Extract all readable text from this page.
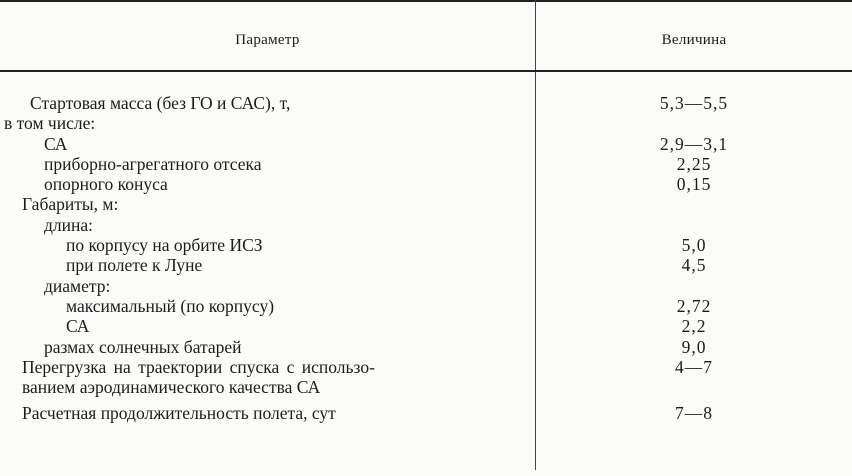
Параметр	Величина
Стартовая масса (без ГО и САС), т,	5,3—5,5
в том числе:
СА	2,9—3,1
приборно-агрегатного отсека	2,25
опорного конуса	0,15
Габариты, м:
длина:
по корпусу на орбите ИСЗ	5,0
при полете к Луне	4,5
диаметр:
максимальный (по корпусу)	2,72
СА	2,2
размах солнечных батарей	9,0
Перегрузка на траектории спуска с использо-	4—7
ванием аэродинамического качества СА
Расчетная продолжительность полета, сут	7—8
